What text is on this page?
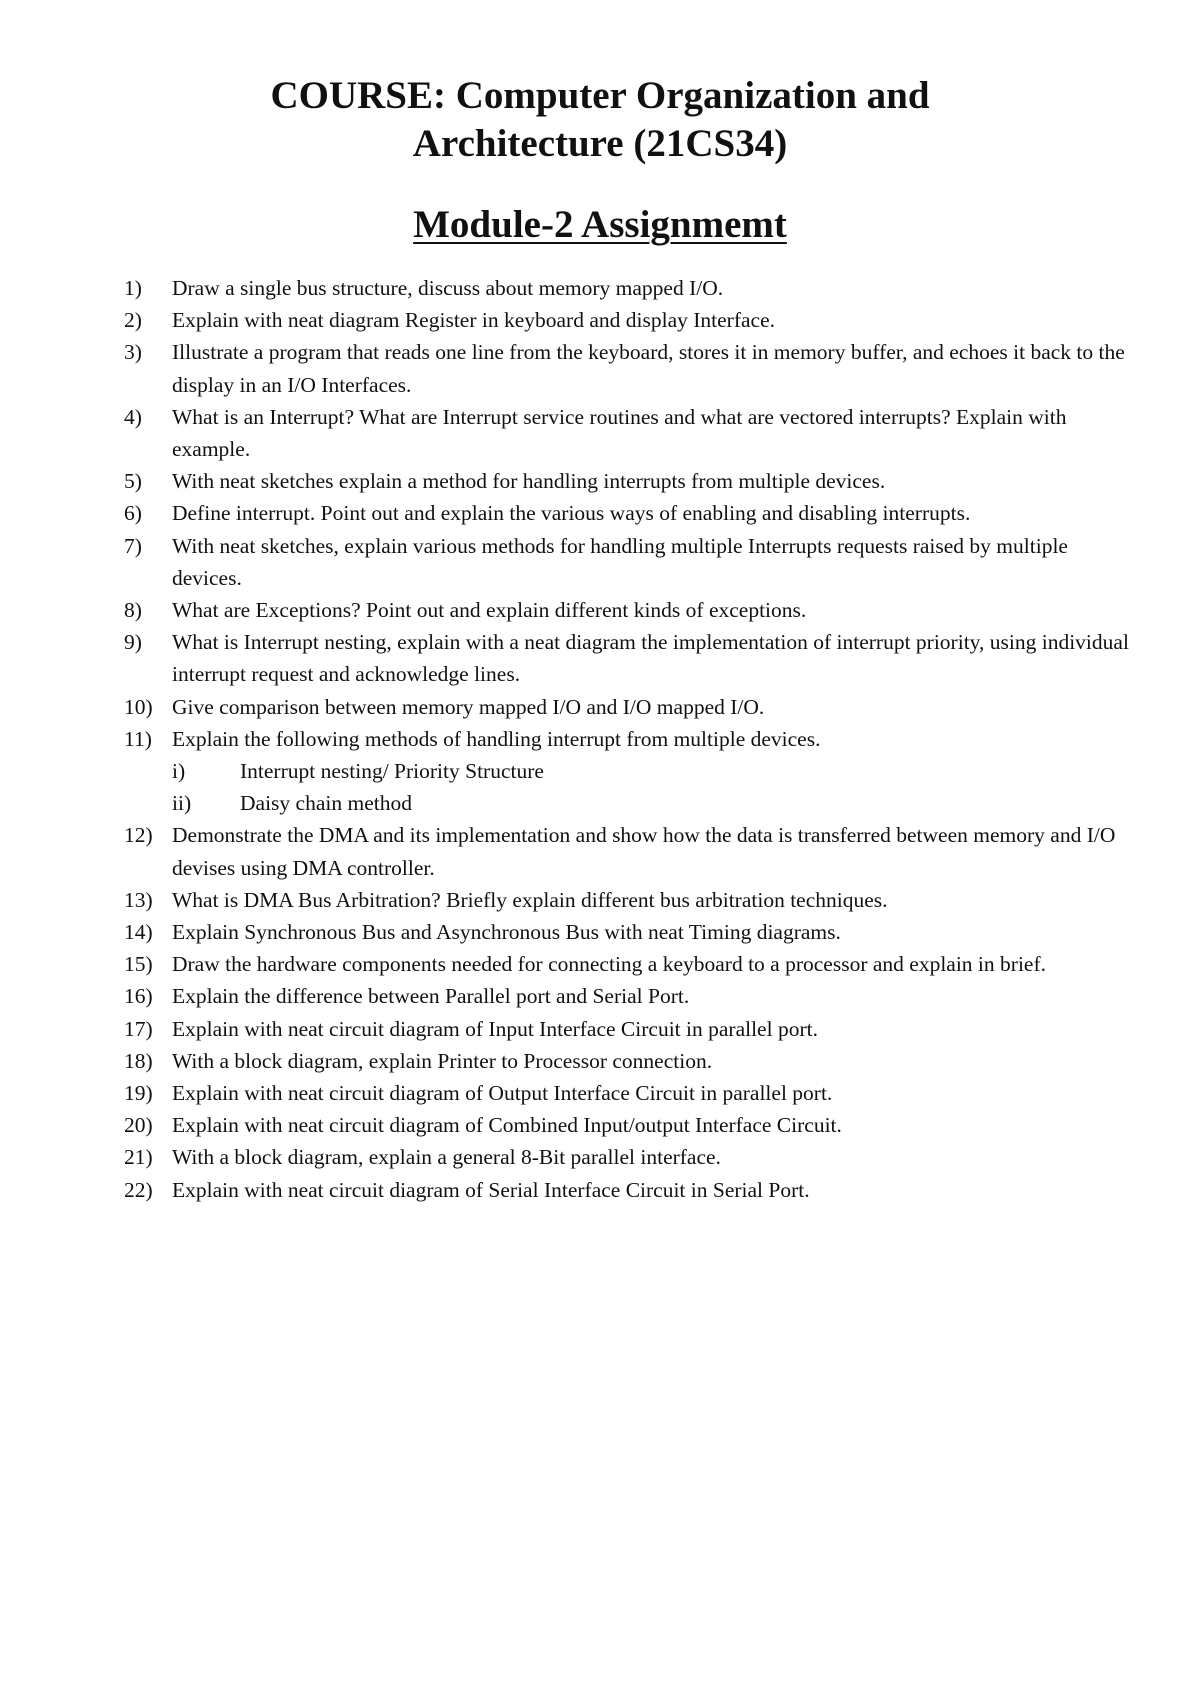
COURSE: Computer Organization and
Architecture (21CS34)

Module-2 Assignmemt

1) Draw a single bus structure, discuss about memory mapped I/O.
2) Explain with neat diagram Register in keyboard and display Interface.
3) Illustrate a program that reads one line from the keyboard, stores it in memory buffer, and echoes it back to the display in an I/O Interfaces.
4) What is an Interrupt? What are Interrupt service routines and what are vectored interrupts? Explain with example.
5) With neat sketches explain a method for handling interrupts from multiple devices.
6) Define interrupt. Point out and explain the various ways of enabling and disabling interrupts.
7) With neat sketches, explain various methods for handling multiple Interrupts requests raised by multiple devices.
8) What are Exceptions? Point out and explain different kinds of exceptions.
9) What is Interrupt nesting, explain with a neat diagram the implementation of interrupt priority, using individual interrupt request and acknowledge lines.
10) Give comparison between memory mapped I/O and I/O mapped I/O.
11) Explain the following methods of handling interrupt from multiple devices.
i)	Interrupt nesting/ Priority Structure
ii) Daisy chain method
12) Demonstrate the DMA and its implementation and show how the data is transferred between memory and I/O devises using DMA controller.
13) What is DMA Bus Arbitration? Briefly explain different bus arbitration techniques.
14) Explain Synchronous Bus and Asynchronous Bus with neat Timing diagrams.
15) Draw the hardware components needed for connecting a keyboard to a processor and explain in brief.
16) Explain the difference between Parallel port and Serial Port.
17) Explain with neat circuit diagram of Input Interface Circuit in parallel port.
18) With a block diagram, explain Printer to Processor connection.
19) Explain with neat circuit diagram of Output Interface Circuit in parallel port.
20) Explain with neat circuit diagram of Combined Input/output Interface Circuit.
21) With a block diagram, explain a general 8-Bit parallel interface.
22) Explain with neat circuit diagram of Serial Interface Circuit in Serial Port.
